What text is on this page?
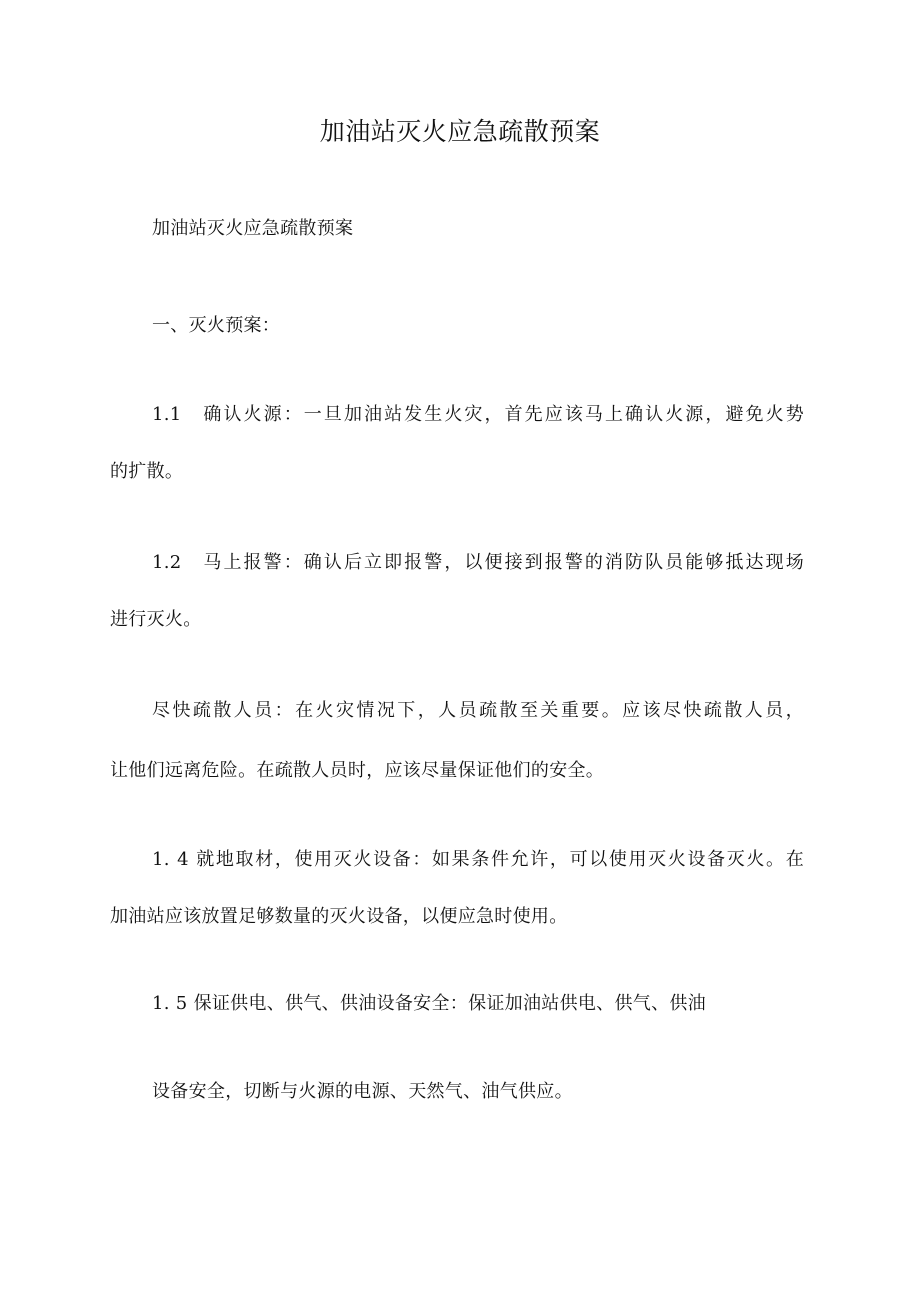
加油站灭火应急疏散预案

加油站灭火应急疏散预案

一、灭火预案：

1.1　确认火源：一旦加油站发生火灾，首先应该马上确认火源，避免火势

的扩散。

1.2　马上报警：确认后立即报警，以便接到报警的消防队员能够抵达现场

进行灭火。

尽快疏散人员：在火灾情况下，人员疏散至关重要。应该尽快疏散人员，

让他们远离危险。在疏散人员时，应该尽量保证他们的安全。

1. 4 就地取材，使用灭火设备：如果条件允许，可以使用灭火设备灭火。在

加油站应该放置足够数量的灭火设备，以便应急时使用。

1. 5 保证供电、供气、供油设备安全：保证加油站供电、供气、供油

设备安全，切断与火源的电源、天然气、油气供应。
